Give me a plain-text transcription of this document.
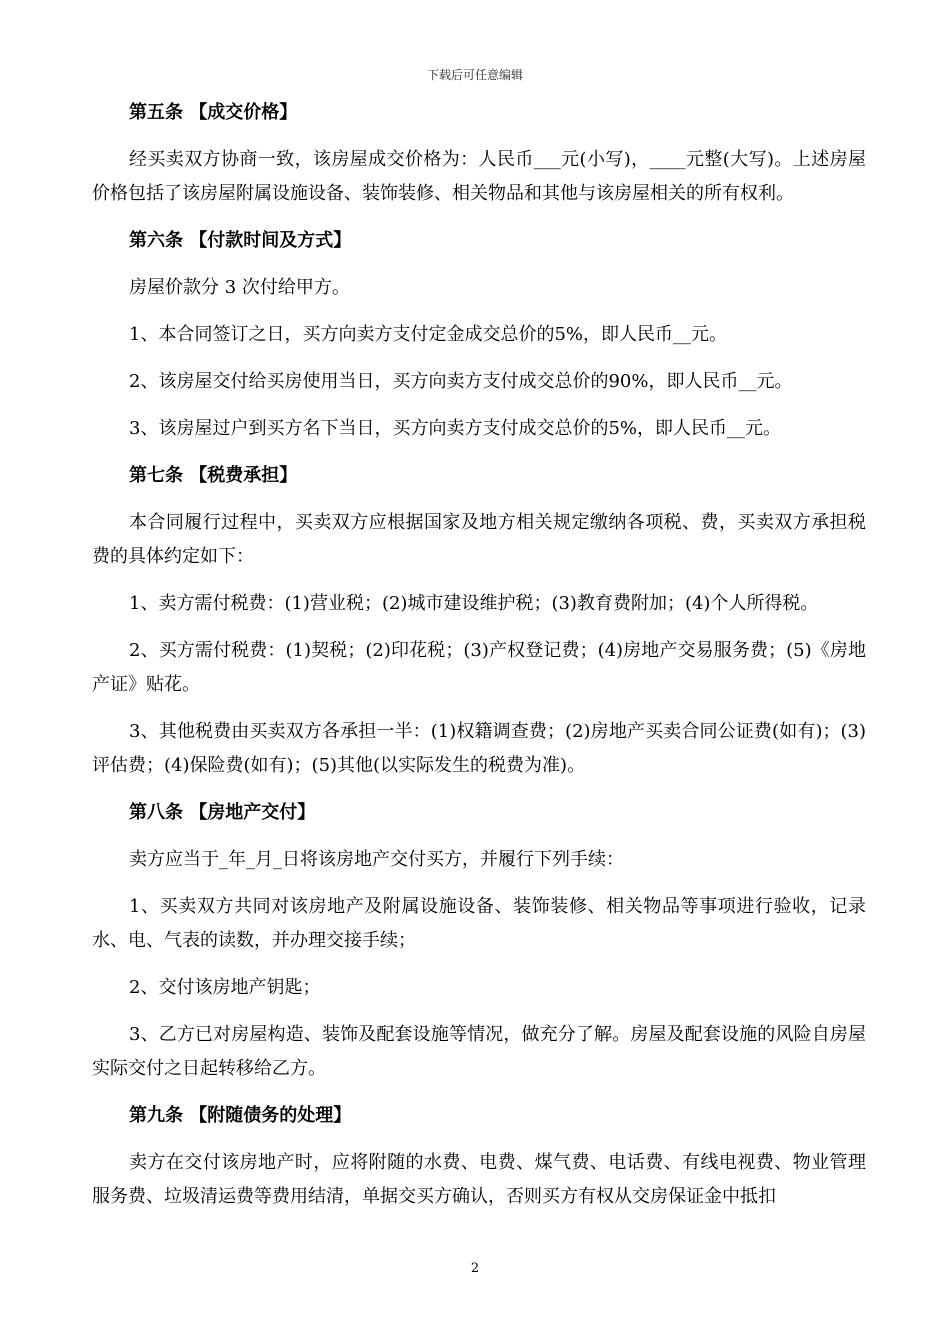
下载后可任意编辑

第五条 【成交价格】

经买卖双方协商一致，该房屋成交价格为：人民币___元(小写)，____元整(大写)。上述房屋价格包括了该房屋附属设施设备、装饰装修、相关物品和其他与该房屋相关的所有权利。

第六条 【付款时间及方式】

房屋价款分 3 次付给甲方。

1、本合同签订之日，买方向卖方支付定金成交总价的5%，即人民币__元。

2、该房屋交付给买房使用当日，买方向卖方支付成交总价的90%，即人民币__元。

3、该房屋过户到买方名下当日，买方向卖方支付成交总价的5%，即人民币__元。

第七条 【税费承担】

本合同履行过程中，买卖双方应根据国家及地方相关规定缴纳各项税、费，买卖双方承担税费的具体约定如下：

1、卖方需付税费：(1)营业税；(2)城市建设维护税；(3)教育费附加；(4)个人所得税。

2、买方需付税费：(1)契税；(2)印花税；(3)产权登记费；(4)房地产交易服务费；(5)《房地产证》贴花。

3、其他税费由买卖双方各承担一半：(1)权籍调查费；(2)房地产买卖合同公证费(如有)；(3)评估费；(4)保险费(如有)；(5)其他(以实际发生的税费为准)。

第八条 【房地产交付】

卖方应当于_年_月_日将该房地产交付买方，并履行下列手续：

1、买卖双方共同对该房地产及附属设施设备、装饰装修、相关物品等事项进行验收，记录水、电、气表的读数，并办理交接手续；

2、交付该房地产钥匙；

3、乙方已对房屋构造、装饰及配套设施等情况，做充分了解。房屋及配套设施的风险自房屋实际交付之日起转移给乙方。

第九条 【附随债务的处理】

卖方在交付该房地产时，应将附随的水费、电费、煤气费、电话费、有线电视费、物业管理服务费、垃圾清运费等费用结清，单据交买方确认，否则买方有权从交房保证金中抵扣

2
